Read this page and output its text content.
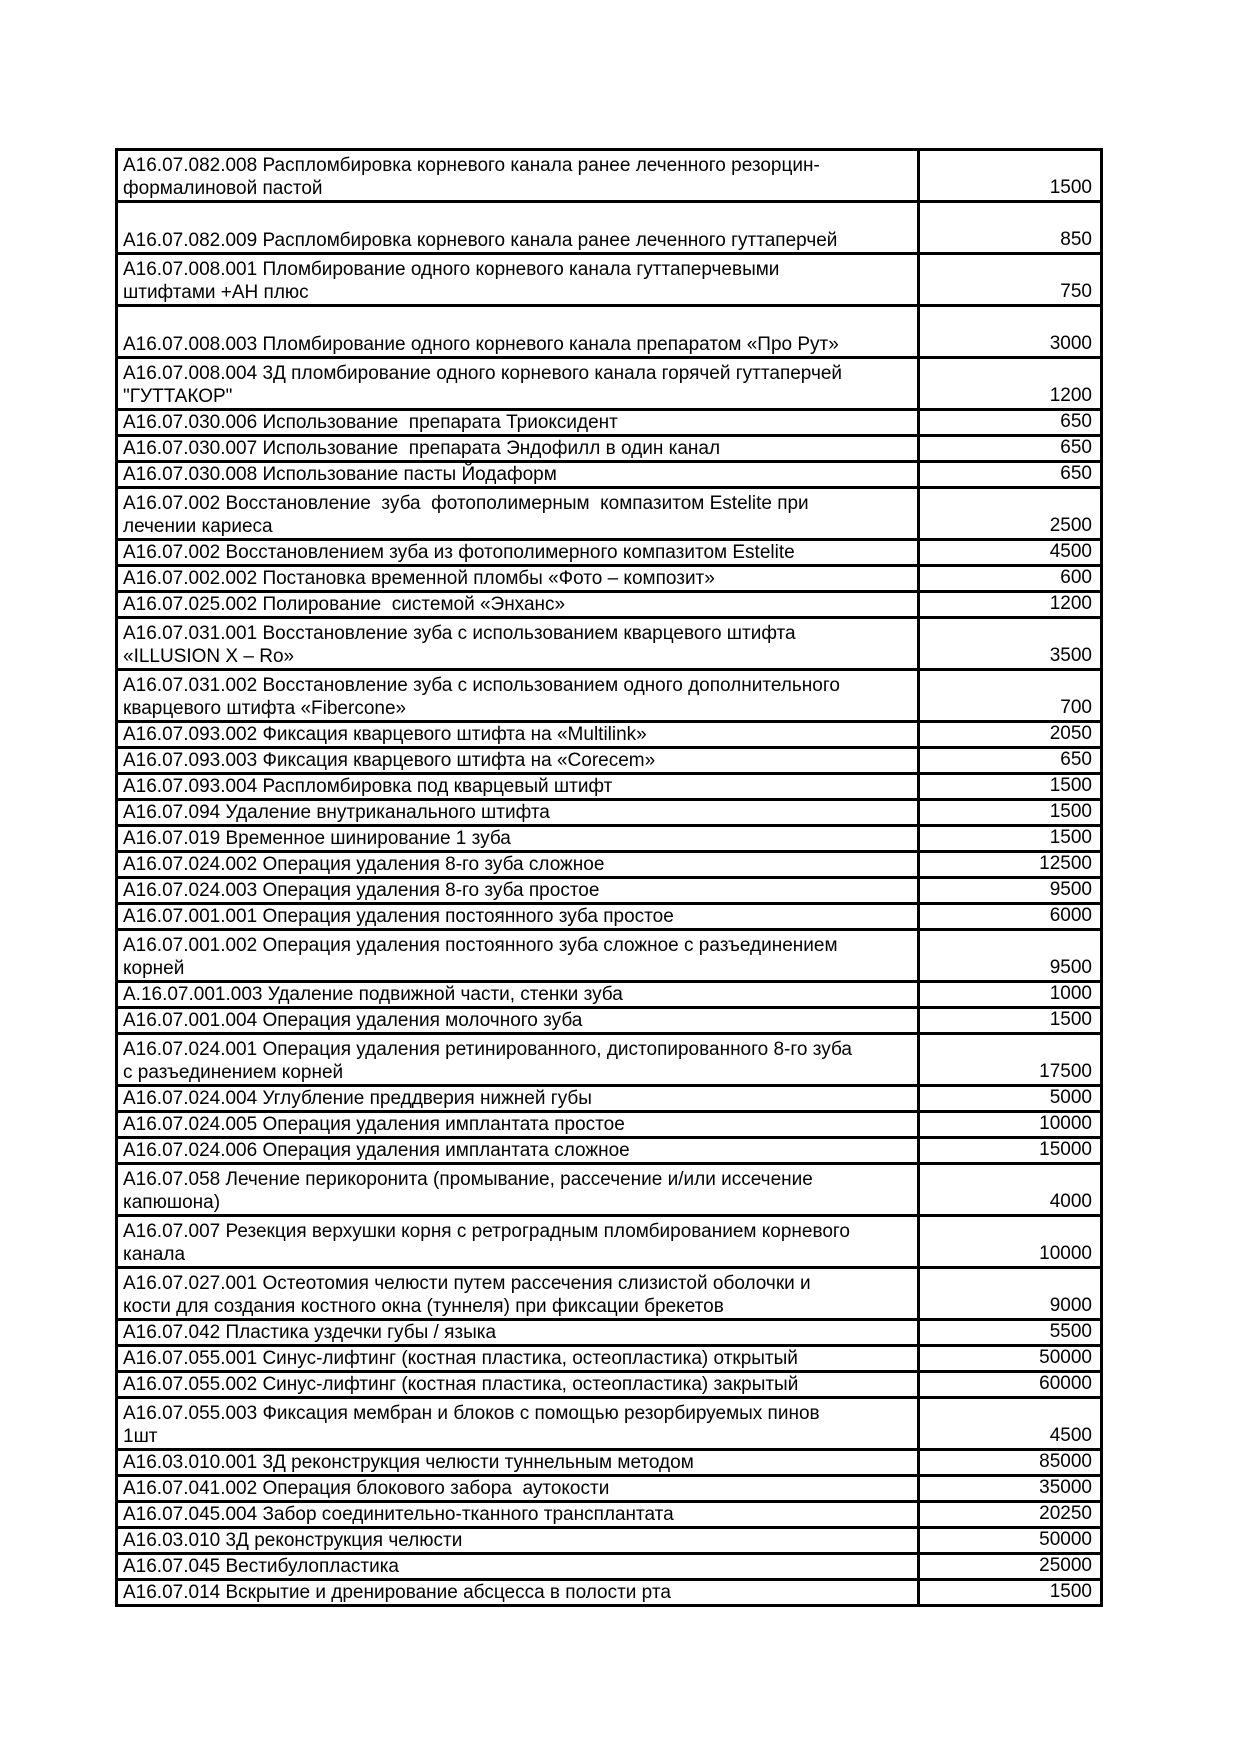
А16.07.082.008 Распломбировка корневого канала ранее леченного резорцин-
формалиновой пастой	1500
А16.07.082.009 Распломбировка корневого канала ранее леченного гуттаперчей	850
А16.07.008.001 Пломбирование одного корневого канала гуттаперчевыми
штифтами +АН плюс	750
А16.07.008.003 Пломбирование одного корневого канала препаратом «Про Рут»	3000
А16.07.008.004 3Д пломбирование одного корневого канала горячей гуттаперчей
"ГУТТАКОР"	1200
А16.07.030.006 Использование  препарата Триоксидент	650
А16.07.030.007 Использование  препарата Эндофилл в один канал	650
А16.07.030.008 Использование пасты Йодаформ	650
А16.07.002 Восстановление  зуба  фотополимерным  компазитом Estelite при
лечении кариеса	2500
А16.07.002 Восстановлением зуба из фотополимерного компазитом Estelite	4500
А16.07.002.002 Постановка временной пломбы «Фото – композит»	600
А16.07.025.002 Полирование  системой «Энханс»	1200
А16.07.031.001 Восстановление зуба с использованием кварцевого штифта
«ILLUSION X – Ro»	3500
А16.07.031.002 Восстановление зуба с использованием одного дополнительного
кварцевого штифта «Fibercone»	700
А16.07.093.002 Фиксация кварцевого штифта на «Multilink»	2050
А16.07.093.003 Фиксация кварцевого штифта на «Corecem»	650
А16.07.093.004 Распломбировка под кварцевый штифт	1500
А16.07.094 Удаление внутриканального штифта	1500
А16.07.019 Временное шинирование 1 зуба	1500
А16.07.024.002 Операция удаления 8-го зуба сложное	12500
А16.07.024.003 Операция удаления 8-го зуба простое	9500
А16.07.001.001 Операция удаления постоянного зуба простое	6000
А16.07.001.002 Операция удаления постоянного зуба сложное с разъединением
корней	9500
А.16.07.001.003 Удаление подвижной части, стенки зуба	1000
А16.07.001.004 Операция удаления молочного зуба	1500
А16.07.024.001 Операция удаления ретинированного, дистопированного 8-го зуба
с разъединением корней	17500
А16.07.024.004 Углубление преддверия нижней губы	5000
А16.07.024.005 Операция удаления имплантата простое	10000
А16.07.024.006 Операция удаления имплантата сложное	15000
А16.07.058 Лечение перикоронита (промывание, рассечение и/или иссечение
капюшона)	4000
А16.07.007 Резекция верхушки корня с ретроградным пломбированием корневого
канала	10000
А16.07.027.001 Остеотомия челюсти путем рассечения слизистой оболочки и
кости для создания костного окна (туннеля) при фиксации брекетов	9000
А16.07.042 Пластика уздечки губы / языка	5500
А16.07.055.001 Синус-лифтинг (костная пластика, остеопластика) открытый	50000
А16.07.055.002 Синус-лифтинг (костная пластика, остеопластика) закрытый	60000
А16.07.055.003 Фиксация мембран и блоков с помощью резорбируемых пинов
1шт	4500
А16.03.010.001 3Д реконструкция челюсти туннельным методом	85000
А16.07.041.002 Операция блокового забора  аутокости	35000
А16.07.045.004 Забор соединительно-тканного трансплантата	20250
А16.03.010 3Д реконструкция челюсти	50000
А16.07.045 Вестибулопластика	25000
А16.07.014 Вскрытие и дренирование абсцесса в полости рта	1500
